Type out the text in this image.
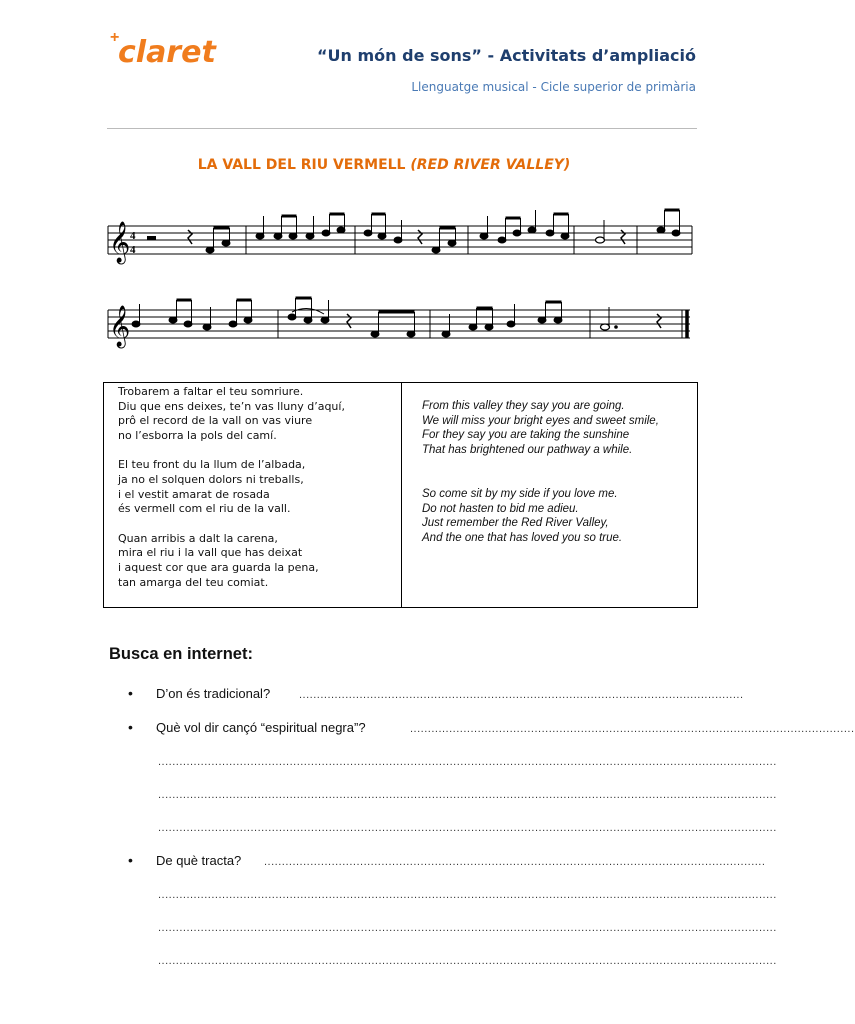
+
claret	“Un món de sons” - Activitats d’ampliació
Llenguatge musical - Cicle superior de primària
LA VALL DEL RIU VERMELL (RED RIVER VALLEY)
𝄞 4
4
𝄞
Trobarem a faltar el teu somriure.
Diu que ens deixes, te’n vas lluny d’aquí,
prô el record de la vall on vas viure
no l’esborra la pols del camí.
El teu front du la llum de l’albada,
ja no el solquen dolors ni treballs,
i el vestit amarat de rosada
és vermell com el riu de la vall.
Quan arribis a dalt la carena,
mira el riu i la vall que has deixat
i aquest cor que ara guarda la pena,
tan amarga del teu comiat.
From this valley they say you are going.
We will miss your bright eyes and sweet smile,
For they say you are taking the sunshine
That has brightened our pathway a while.
So come sit by my side if you love me.
Do not hasten to bid me adieu.
Just remember the Red River Valley,
And the one that has loved you so true.
Busca en internet:
• D’on és tradicional?	.............................................................................................................................
• Què vol dir cançó “espiritual negra”?	.............................................................................................................................
..............................................................................................................................................................................
..............................................................................................................................................................................
..............................................................................................................................................................................
• De què tracta? .............................................................................................................................................
..............................................................................................................................................................................
..............................................................................................................................................................................
..............................................................................................................................................................................
